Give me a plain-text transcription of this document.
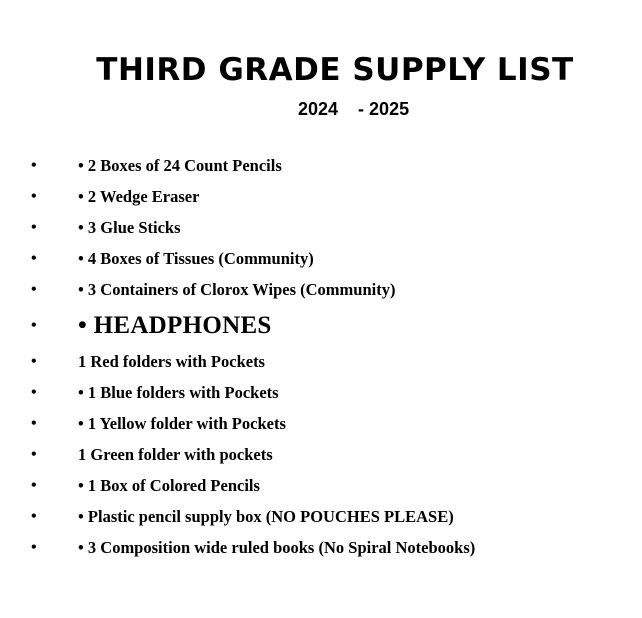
THIRD GRADE SUPPLY LIST
2024    - 2025
•	• 2 Boxes of 24 Count Pencils
•	• 2 Wedge Eraser
•	• 3 Glue Sticks
•	• 4 Boxes of Tissues (Community)
•	• 3 Containers of Clorox Wipes (Community)
• • HEADPHONES
•	1 Red folders with Pockets
•	• 1 Blue folders with Pockets
•	• 1 Yellow folder with Pockets
•	1 Green folder with pockets
•	• 1 Box of Colored Pencils
•	• Plastic pencil supply box (NO POUCHES PLEASE)
•	• 3 Composition wide ruled books (No Spiral Notebooks)
